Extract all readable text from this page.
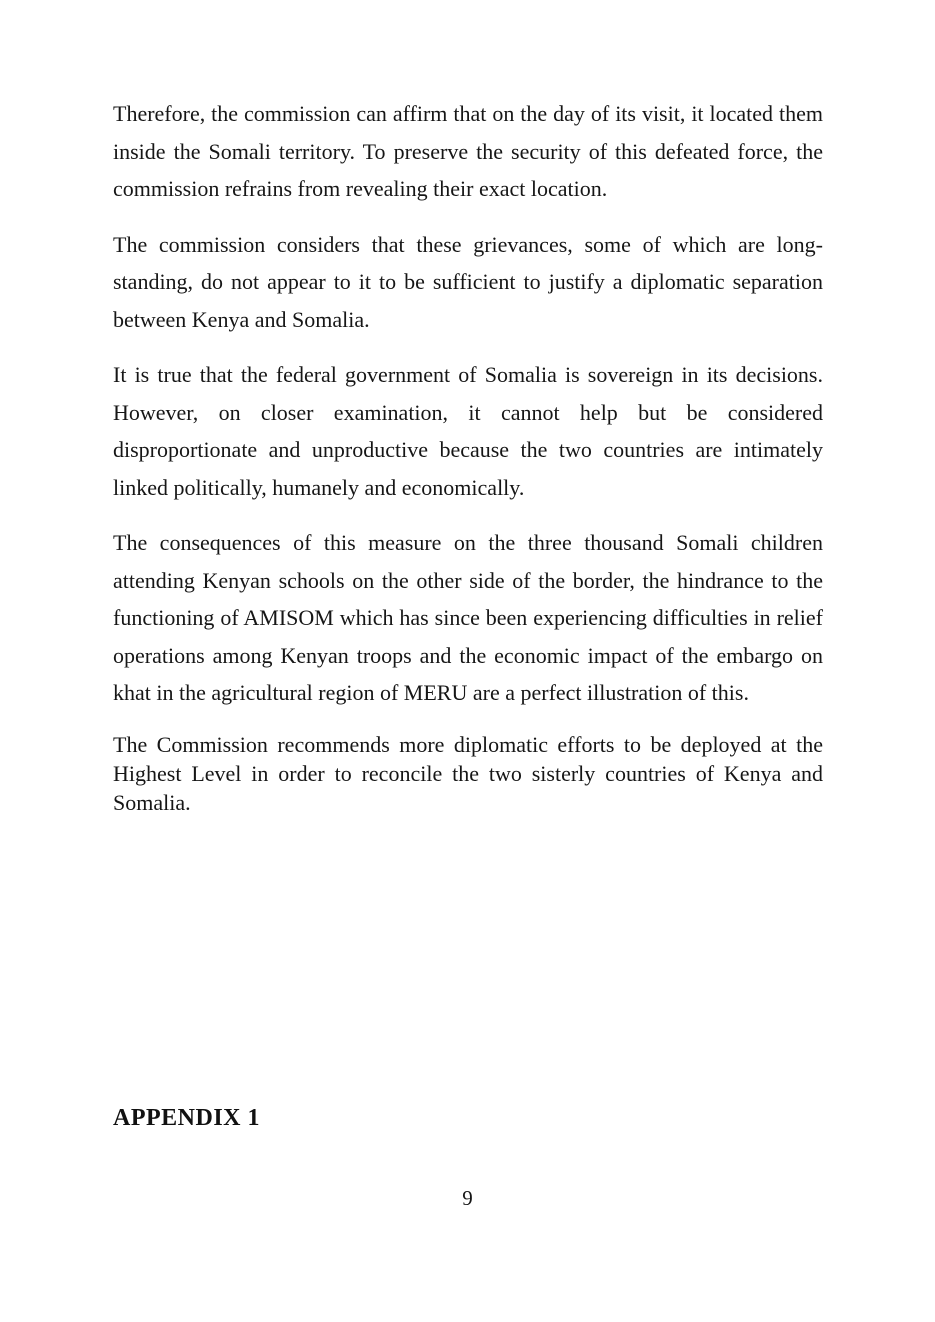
Therefore, the commission can affirm that on the day of its visit, it located them inside the Somali territory. To preserve the security of this defeated force, the commission refrains from revealing their exact location.

The commission considers that these grievances, some of which are long-standing, do not appear to it to be sufficient to justify a diplomatic separation between Kenya and Somalia.

It is true that the federal government of Somalia is sovereign in its decisions. However, on closer examination, it cannot help but be considered disproportionate and unproductive because the two countries are intimately linked politically, humanely and economically.

The consequences of this measure on the three thousand Somali children attending Kenyan schools on the other side of the border, the hindrance to the functioning of AMISOM which has since been experiencing difficulties in relief operations among Kenyan troops and the economic impact of the embargo on khat in the agricultural region of MERU are a perfect illustration of this.

The Commission recommends more diplomatic efforts to be deployed at the Highest Level in order to reconcile the two sisterly countries of Kenya and Somalia.

APPENDIX 1
9
